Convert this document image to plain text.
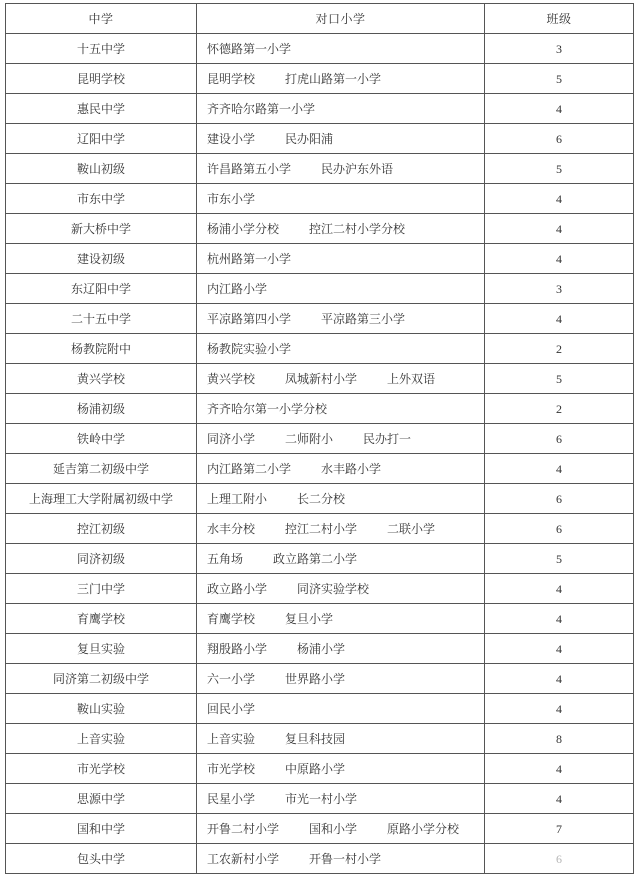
中学	对口小学	班级
十五中学	怀德路第一小学	3
昆明学校	昆明学校 打虎山路第一小学	5
惠民中学	齐齐哈尔路第一小学	4
辽阳中学	建设小学 民办阳浦	6
鞍山初级	许昌路第五小学 民办沪东外语	5
市东中学	市东小学	4
新大桥中学	杨浦小学分校 控江二村小学分校	4
建设初级	杭州路第一小学	4
东辽阳中学	内江路小学	3
二十五中学	平凉路第四小学 平凉路第三小学	4
杨教院附中	杨教院实验小学	2
黄兴学校	黄兴学校 凤城新村小学 上外双语	5
杨浦初级	齐齐哈尔第一小学分校	2
铁岭中学	同济小学 二师附小 民办打一	6
延吉第二初级中学	内江路第二小学 水丰路小学	4
上海理工大学附属初级中学	上理工附小 长二分校	6
控江初级	水丰分校 控江二村小学 二联小学	6
同济初级	五角场 政立路第二小学	5
三门中学	政立路小学 同济实验学校	4
育鹰学校	育鹰学校 复旦小学	4
复旦实验	翔殷路小学 杨浦小学	4
同济第二初级中学	六一小学 世界路小学	4
鞍山实验	回民小学	4
上音实验	上音实验 复旦科技园	8
市光学校	市光学校 中原路小学	4
思源中学	民星小学 市光一村小学	4
国和中学	开鲁二村小学 国和小学 原路小学分校	7
包头中学	工农新村小学 开鲁一村小学	6
